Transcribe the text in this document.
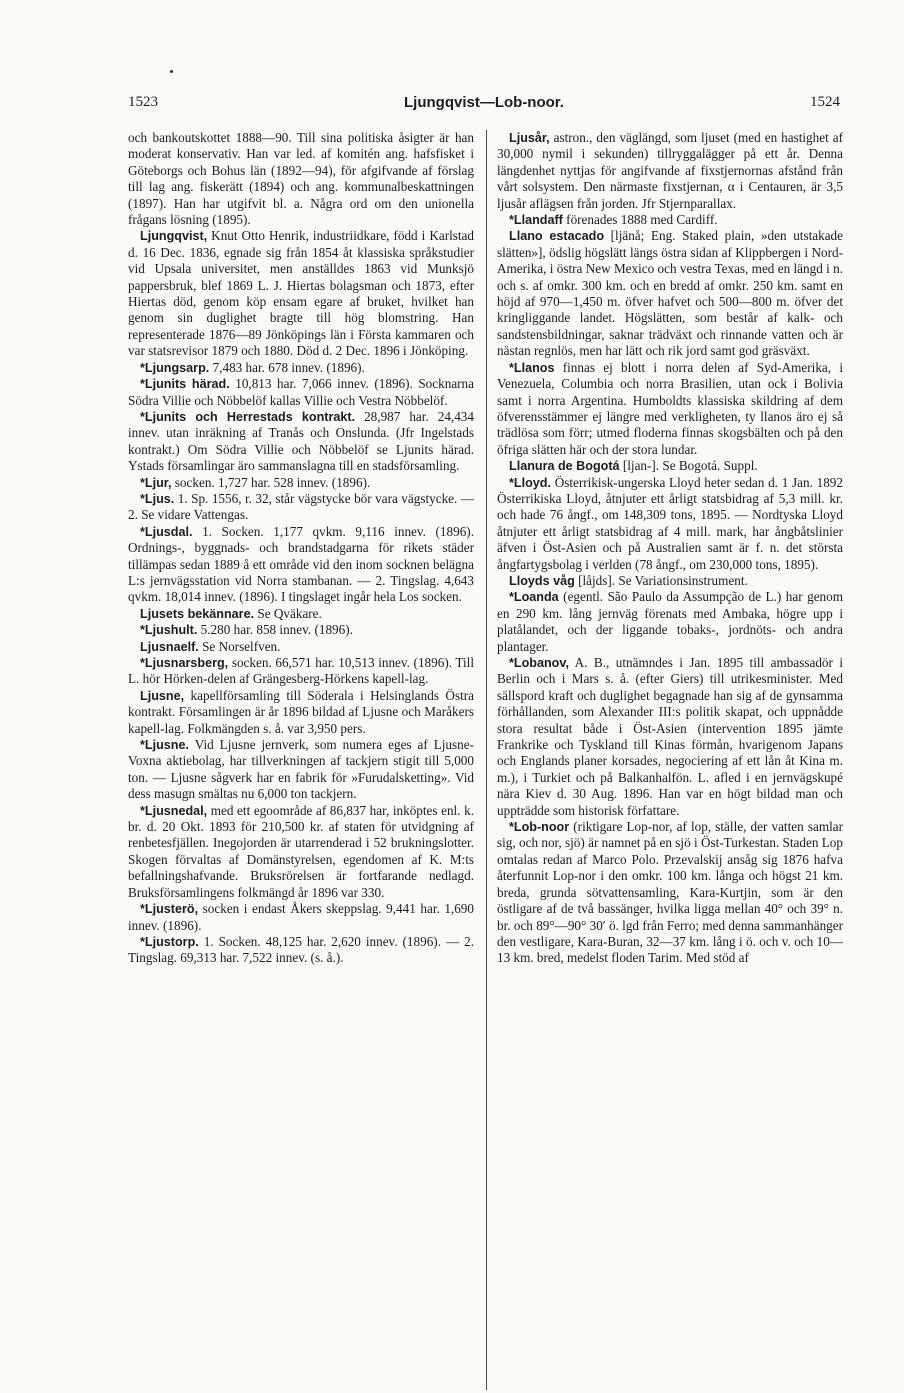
1523	Ljungqvist—Lob-noor.	1524

och bankoutskottet 1888—90. Till sina politiska åsigter är han moderat konservativ. Han var led. af komitén ang. hafsfisket i Göteborgs och Bohus län (1892—94), för afgifvande af förslag till lag ang. fiskerätt (1894) och ang. kommunalbeskattningen (1897). Han har utgifvit bl. a. Några ord om den unionella frågans lösning (1895).

Ljungqvist, Knut Otto Henrik, industriidkare, född i Karlstad d. 16 Dec. 1836, egnade sig från 1854 åt klassiska språkstudier vid Upsala universitet, men anställdes 1863 vid Munksjö pappersbruk, blef 1869 L. J. Hiertas bolagsman och 1873, efter Hiertas död, genom köp ensam egare af bruket, hvilket han genom sin duglighet bragte till hög blomstring. Han representerade 1876—89 Jönköpings län i Första kammaren och var statsrevisor 1879 och 1880. Död d. 2 Dec. 1896 i Jönköping.

*Ljungsarp. 7,483 har. 678 innev. (1896).

*Ljunits härad. 10,813 har. 7,066 innev. (1896). Socknarna Södra Villie och Nöbbelöf kallas Villie och Vestra Nöbbelöf.

*Ljunits och Herrestads kontrakt. 28,987 har. 24,434 innev. utan inräkning af Tranås och Onslunda. (Jfr Ingelstads kontrakt.) Om Södra Villie och Nöbbelöf se Ljunits härad. Ystads församlingar äro sammanslagna till en stadsförsamling.

*Ljur, socken. 1,727 har. 528 innev. (1896).

*Ljus. 1. Sp. 1556, r. 32, står vägstycke bör vara vägstycke. — 2. Se vidare Vattengas.

*Ljusdal. 1. Socken. 1,177 qvkm. 9,116 innev. (1896). Ordnings-, byggnads- och brandstadgarna för rikets städer tillämpas sedan 1889 å ett område vid den inom socknen belägna L:s jernvägsstation vid Norra stambanan. — 2. Tingslag. 4,643 qvkm. 18,014 innev. (1896). I tingslaget ingår hela Los socken.

Ljusets bekännare. Se Qväkare.

*Ljushult. 5.280 har. 858 innev. (1896).

Ljusnaelf. Se Norselfven.

*Ljusnarsberg, socken. 66,571 har. 10,513 innev. (1896). Till L. hör Hörken-delen af Grängesberg-Hörkens kapell-lag.

Ljusne, kapellförsamling till Söderala i Helsinglands Östra kontrakt. Församlingen är år 1896 bildad af Ljusne och Maråkers kapell-lag. Folkmängden s. å. var 3,950 pers.

*Ljusne. Vid Ljusne jernverk, som numera eges af Ljusne-Voxna aktiebolag, har tillverkningen af tackjern stigit till 5,000 ton. — Ljusne sågverk har en fabrik för »Furudalsketting». Vid dess masugn smältas nu 6,000 ton tackjern.

*Ljusnedal, med ett egoområde af 86,837 har, inköptes enl. k. br. d. 20 Okt. 1893 för 210,500 kr. af staten för utvidgning af renbetesfjällen. Inegojorden är utarrenderad i 52 brukningslotter. Skogen förvaltas af Domänstyrelsen, egendomen af K. M:ts befallningshafvande. Bruksrörelsen är fortfarande nedlagd. Bruksförsamlingens folkmängd år 1896 var 330.

*Ljusterö, socken i endast Åkers skeppslag. 9,441 har. 1,690 innev. (1896).

*Ljustorp. 1. Socken. 48,125 har. 2,620 innev. (1896). — 2. Tingslag. 69,313 har. 7,522 innev. (s. å.).

Ljusår, astron., den väglängd, som ljuset (med en hastighet af 30,000 nymil i sekunden) tillryggalägger på ett år. Denna längdenhet nyttjas för angifvande af fixstjernornas afstånd från vårt solsystem. Den närmaste fixstjernan, α i Centauren, är 3,5 ljusår aflägsen från jorden. Jfr Stjernparallax.

*Llandaff förenades 1888 med Cardiff.

Llano estacado [ljänå; Eng. Staked plain, »den utstakade slätten»], ödslig högslätt längs östra sidan af Klippbergen i Nord-Amerika, i östra New Mexico och vestra Texas, med en längd i n. och s. af omkr. 300 km. och en bredd af omkr. 250 km. samt en höjd af 970—1,450 m. öfver hafvet och 500—800 m. öfver det kringliggande landet. Högslätten, som består af kalk- och sandstensbildningar, saknar trädväxt och rinnande vatten och är nästan regnlös, men har lätt och rik jord samt god gräsväxt.

*Llanos finnas ej blott i norra delen af Syd-Amerika, i Venezuela, Columbia och norra Brasilien, utan ock i Bolivia samt i norra Argentina. Humboldts klassiska skildring af dem öfverensstämmer ej längre med verkligheten, ty llanos äro ej så trädlösa som förr; utmed floderna finnas skogsbälten och på den öfriga slätten här och der stora lundar.

Llanura de Bogotá [ljan-]. Se Bogotá. Suppl.

*Lloyd. Österrikisk-ungerska Lloyd heter sedan d. 1 Jan. 1892 Österrikiska Lloyd, åtnjuter ett årligt statsbidrag af 5,3 mill. kr. och hade 76 ångf., om 148,309 tons, 1895. — Nordtyska Lloyd åtnjuter ett årligt statsbidrag af 4 mill. mark, har ångbåtslinier äfven i Öst-Asien och på Australien samt är f. n. det största ångfartygsbolag i verlden (78 ångf., om 230,000 tons, 1895).

Lloyds våg [låjds]. Se Variationsinstrument.

*Loanda (egentl. São Paulo da Assumpção de L.) har genom en 290 km. lång jernväg förenats med Ambaka, högre upp i platålandet, och der liggande tobaks-, jordnöts- och andra plantager.

*Lobanov, A. B., utnämndes i Jan. 1895 till ambassadör i Berlin och i Mars s. å. (efter Giers) till utrikesminister. Med sällspord kraft och duglighet begagnade han sig af de gynsamma förhållanden, som Alexander III:s politik skapat, och uppnådde stora resultat både i Öst-Asien (intervention 1895 jämte Frankrike och Tyskland till Kinas förmån, hvarigenom Japans och Englands planer korsades, negociering af ett lån åt Kina m. m.), i Turkiet och på Balkanhalfön. L. afled i en jernvägskupé nära Kiev d. 30 Aug. 1896. Han var en högt bildad man och uppträdde som historisk författare.

*Lob-noor (riktigare Lop-nor, af lop, ställe, der vatten samlar sig, och nor, sjö) är namnet på en sjö i Öst-Turkestan. Staden Lop omtalas redan af Marco Polo. Przevalskij ansåg sig 1876 hafva återfunnit Lop-nor i den omkr. 100 km. långa och högst 21 km. breda, grunda sötvattensamling, Kara-Kurtjin, som är den östligare af de två bassänger, hvilka ligga mellan 40° och 39° n. br. och 89°—90° 30′ ö. lgd från Ferro; med denna sammanhänger den vestligare, Kara-Buran, 32—37 km. lång i ö. och v. och 10—13 km. bred, medelst floden Tarim. Med stöd af
